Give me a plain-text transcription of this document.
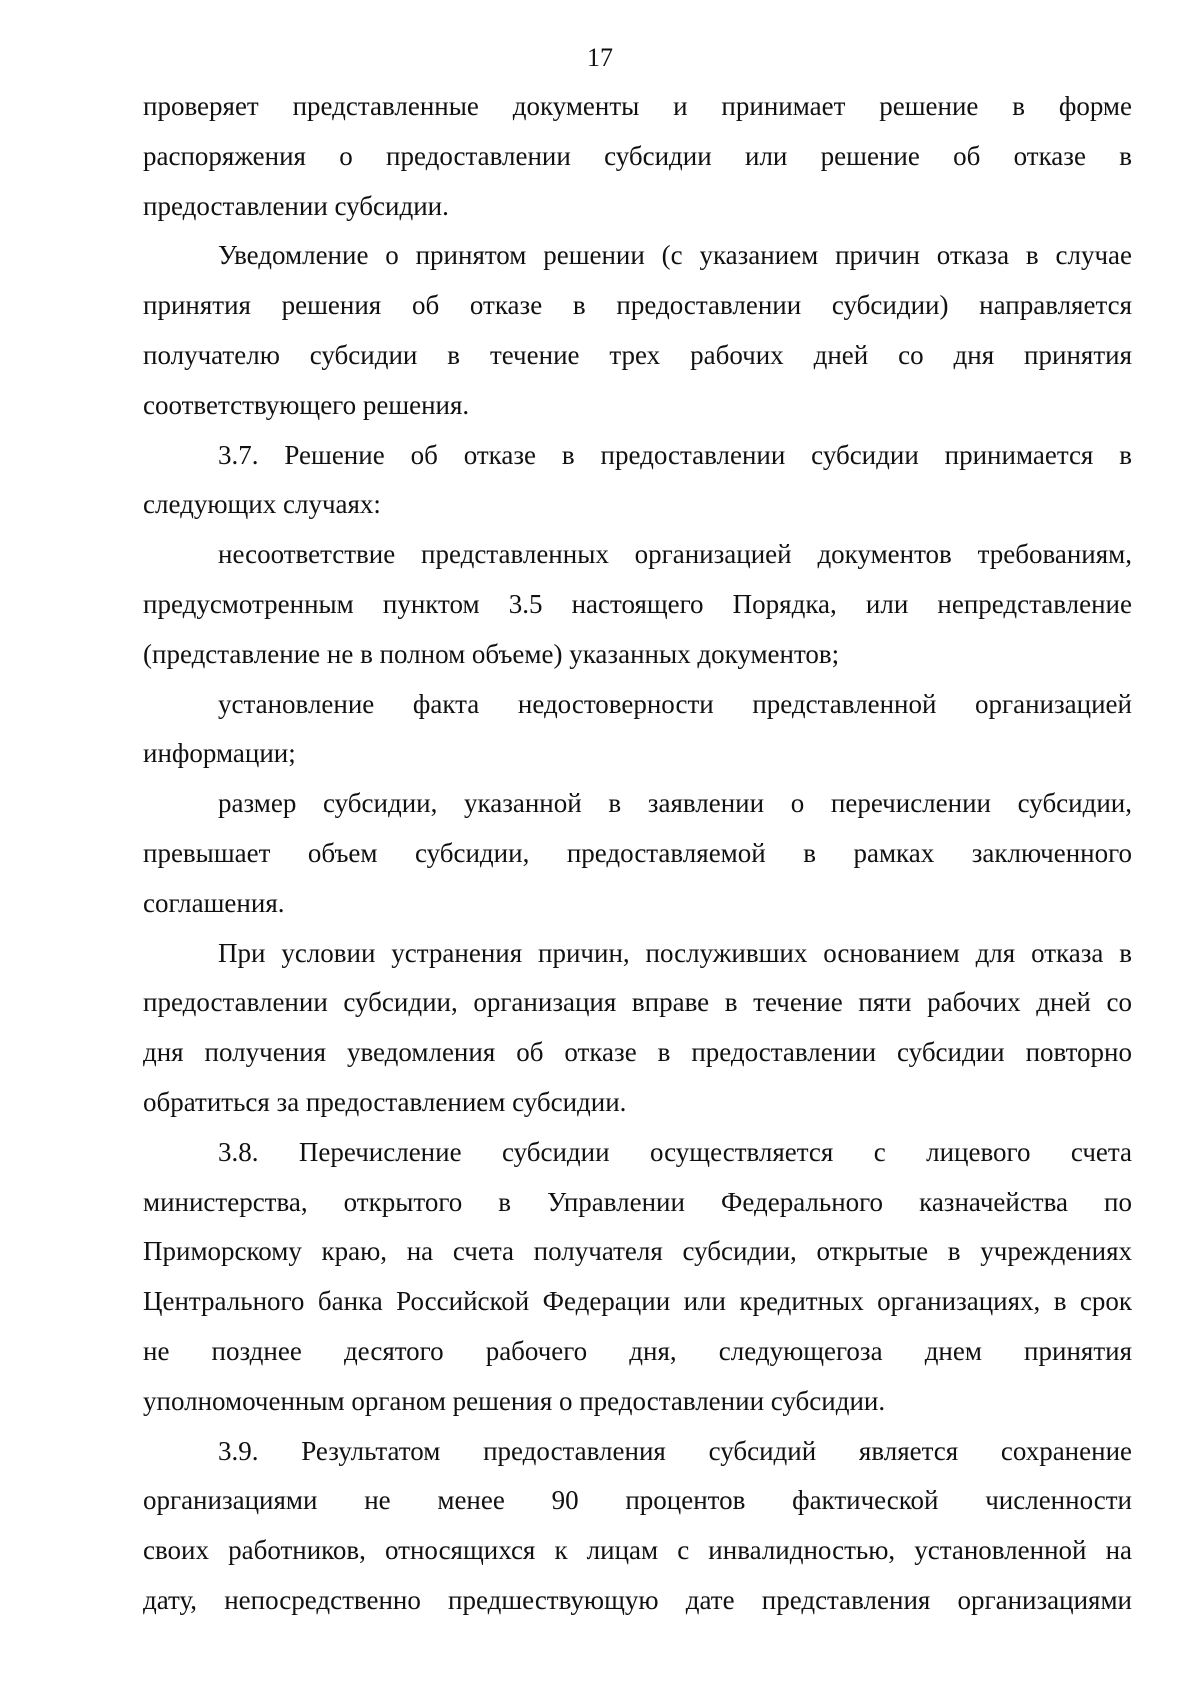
17

проверяет представленные документы и принимает решение в форме
распоряжения о предоставлении субсидии или решение об отказе в
предоставлении субсидии.

Уведомление о принятом решении (с указанием причин отказа в случае
принятия решения об отказе в предоставлении субсидии) направляется
получателю субсидии в течение трех рабочих дней со дня принятия
соответствующего решения.

3.7. Решение об отказе в предоставлении субсидии принимается в
следующих случаях:

несоответствие представленных организацией документов требованиям,
предусмотренным пунктом 3.5 настоящего Порядка, или непредставление
(представление не в полном объеме) указанных документов;

установление факта недостоверности представленной организацией
информации;

размер субсидии, указанной в заявлении о перечислении субсидии,
превышает объем субсидии, предоставляемой в рамках заключенного
соглашения.

При условии устранения причин, послуживших основанием для отказа в
предоставлении субсидии, организация вправе в течение пяти рабочих дней со
дня получения уведомления об отказе в предоставлении субсидии повторно
обратиться за предоставлением субсидии.

3.8. Перечисление субсидии осуществляется с лицевого счета
министерства, открытого в Управлении Федерального казначейства по
Приморскому краю, на счета получателя субсидии, открытые в учреждениях
Центрального банка Российской Федерации или кредитных организациях, в срок
не позднее десятого рабочего дня, следующегоза днем принятия
уполномоченным органом решения о предоставлении субсидии.

3.9. Результатом предоставления субсидий является сохранение
организациями не менее 90 процентов фактической численности
своих работников, относящихся к лицам с инвалидностью, установленной на
дату, непосредственно предшествующую дате представления организациями
